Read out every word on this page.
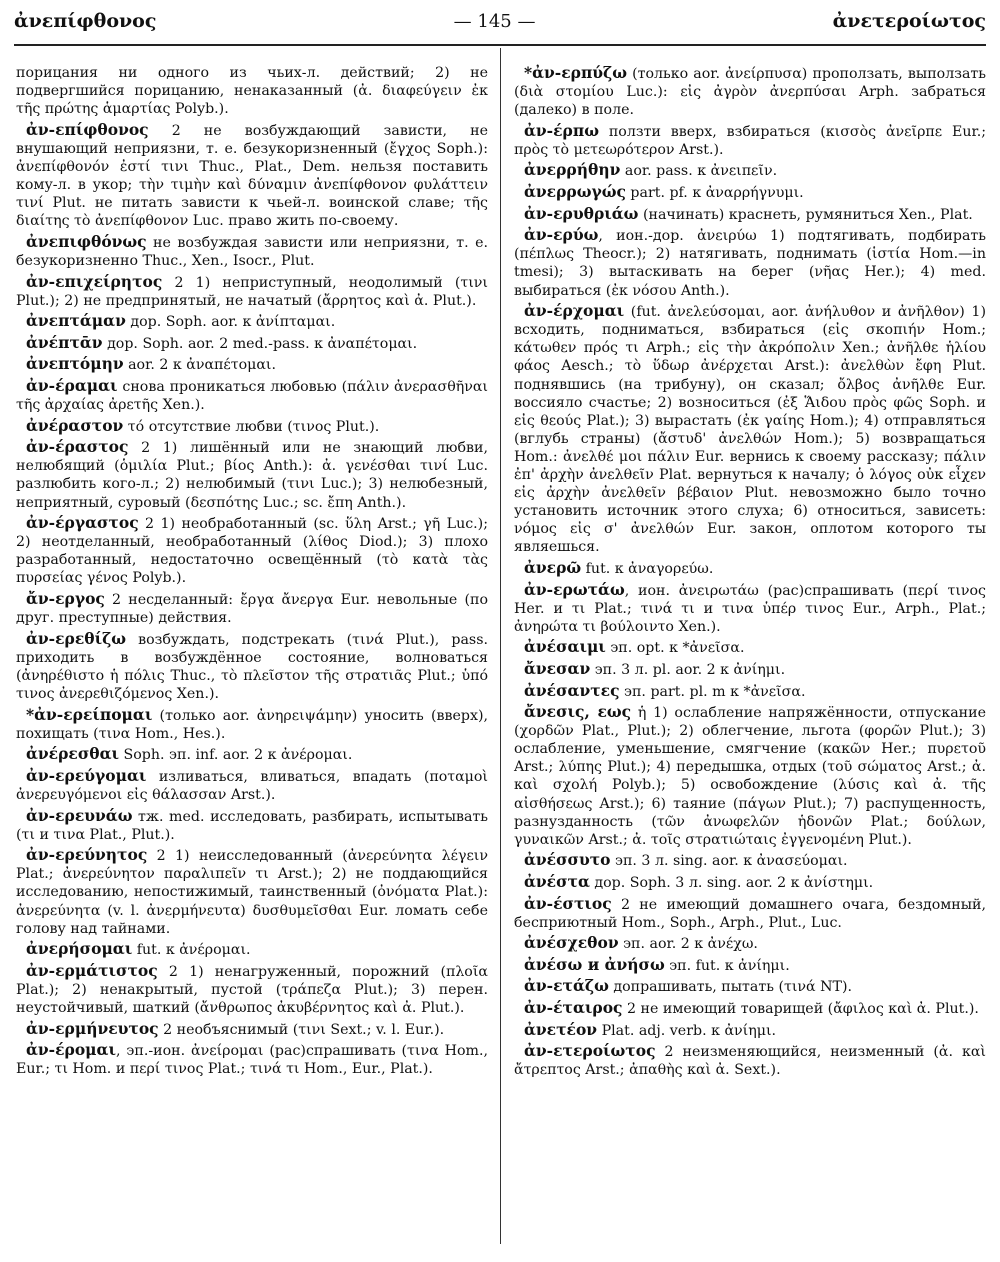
ἀνεπίφθονος	— 145 —	ἀνετεροίωτος

порицания ни одного из чьих-л. действий; 2) не подвергшийся порицанию, ненаказанный (ἀ. διαφεύγειν ἐκ τῆς πρώτης ἁμαρτίας Polyb.).

ἀν-επίφθονος 2 не возбуждающий зависти, не внушающий неприязни, т. е. безукоризненный (ἔγχος Soph.): ἀνεπίφθονόν ἐστί τινι Thuc., Plat., Dem. нельзя поставить кому-л. в укор; τὴν τιμὴν καὶ δύναμιν ἀνεπίφθονον φυλάττειν τινί Plut. не питать зависти к чьей-л. воинской славе; τῆς διαίτης τὸ ἀνεπίφθονον Luc. право жить по-своему.

ἀνεπιφθόνως не возбуждая зависти или неприязни, т. е. безукоризненно Thuc., Xen., Isocr., Plut.

ἀν-επιχείρητος 2 1) неприступный, неодолимый (τινι Plut.); 2) не предпринятый, не начатый (ἄρρητος καὶ ἀ. Plut.).

ἀνεπτάμαν дор. Soph. aor. к ἀνίπταμαι.

ἀνέπτᾱν дор. Soph. aor. 2 med.-pass. к ἀναπέτομαι.

ἀνεπτόμην aor. 2 к ἀναπέτομαι.

ἀν-έραμαι снова проникаться любовью (πάλιν ἀνερασθῆναι τῆς ἀρχαίας ἀρετῆς Xen.).

ἀνέραστον τό отсутствие любви (τινος Plut.).

ἀν-έραστος 2 1) лишённый или не знающий любви, нелюбящий (ὁμιλία Plut.; βίος Anth.): ἀ. γενέσθαι τινί Luc. разлюбить кого-л.; 2) нелюбимый (τινι Luc.); 3) нелюбезный, неприятный, суровый (δεσπότης Luc.; sc. ἔπη Anth.).

ἀν-έργαστος 2 1) необработанный (sc. ὕλη Arst.; γῆ Luc.); 2) неотделанный, необработанный (λίθος Diod.); 3) плохо разработанный, недостаточно освещённый (τὸ κατὰ τὰς πυρσείας γένος Polyb.).

ἄν-εργος 2 несделанный: ἔργα ἄνεργα Eur. невольные (по друг. преступные) действия.

ἀν-ερεθίζω возбуждать, подстрекать (τινά Plut.), pass. приходить в возбуждённое состояние, волноваться (ἀνηρέθιστο ἡ πόλις Thuc., τὸ πλεῖστον τῆς στρατιᾶς Plut.; ὑπό τινος ἀνερεθιζόμενος Xen.).

*ἀν-ερείπομαι (только aor. ἀνηρειψάμην) уносить (вверх), похищать (τινα Hom., Hes.).

ἀνέρεσθαι Soph. эп. inf. aor. 2 к ἀνέρομαι.

ἀν-ερεύγομαι изливаться, вливаться, впадать (ποταμοὶ ἀνερευγόμενοι εἰς θάλασσαν Arst.).

ἀν-ερευνάω тж. med. исследовать, разбирать, испытывать (τι и τινα Plat., Plut.).

ἀν-ερεύνητος 2 1) неисследованный (ἀνερεύνητα λέγειν Plat.; ἀνερεύνητον παραλιπεῖν τι Arst.); 2) не поддающийся исследованию, непостижимый, таинственный (ὀνόματα Plat.): ἀνερεύνητα (v. l. ἀνερμήνευτα) δυσθυμεῖσθαι Eur. ломать себе голову над тайнами.

ἀνερήσομαι fut. к ἀνέρομαι.

ἀν-ερμάτιστος 2 1) ненагруженный, порожний (πλοῖα Plat.); 2) ненакрытый, пустой (τράπεζα Plut.); 3) перен. неустойчивый, шаткий (ἄνθρωπος ἀκυβέρνητος καὶ ἀ. Plut.).

ἀν-ερμήνευτος 2 необъяснимый (τινι Sext.; v. l. Eur.).

ἀν-έρομαι, эп.-ион. ἀνείρομαι (рас)спрашивать (τινα Hom., Eur.; τι Hom. и περί τινος Plat.; τινά τι Hom., Eur., Plat.).

*ἀν-ερπύζω (только aor. ἀνείρπυσα) проползать, выползать (διὰ στομίου Luc.): εἰς ἀγρὸν ἀνερπύσαι Arph. забраться (далеко) в поле.

ἀν-έρπω ползти вверх, взбираться (κισσὸς ἀνεῖρπε Eur.; πρὸς τὸ μετεωρότερον Arst.).

ἀνερρήθην aor. pass. к ἀνειπεῖν.

ἀνερρωγώς part. pf. к ἀναρρήγνυμι.

ἀν-ερυθριάω (начинать) краснеть, румяниться Xen., Plat.

ἀν-ερύω, ион.-дор. ἀνειρύω 1) подтягивать, подбирать (πέπλως Theocr.); 2) натягивать, поднимать (ἱστία Hom.—in tmesi); 3) вытаскивать на берег (νῆας Her.); 4) med. выбираться (ἐκ νόσου Anth.).

ἀν-έρχομαι (fut. ἀνελεύσομαι, aor. ἀνήλυθον и ἀνῆλθον) 1) всходить, подниматься, взбираться (εἰς σκοπιήν Hom.; κάτωθεν πρός τι Arph.; εἰς τὴν ἀκρόπολιν Xen.; ἀνῆλθε ἡλίου φάος Aesch.; τὸ ὕδωρ ἀνέρχεται Arst.): ἀνελθὼν ἔφη Plut. поднявшись (на трибуну), он сказал; ὄλβος ἀνῆλθε Eur. воссияло счастье; 2) возноситься (ἐξ Ἅιδου πρὸς φῶς Soph. и εἰς θεούς Plat.); 3) вырастать (ἐκ γαίης Hom.); 4) отправляться (вглубь страны) (ἄστυδ' ἀνελθών Hom.); 5) возвращаться Hom.: ἀνελθέ μοι πάλιν Eur. вернись к своему рассказу; πάλιν ἐπ' ἀρχὴν ἀνελθεῖν Plat. вернуться к началу; ὁ λόγος οὐκ εἶχεν εἰς ἀρχὴν ἀνελθεῖν βέβαιον Plut. невозможно было точно установить источник этого слуха; 6) относиться, зависеть: νόμος εἰς σ' ἀνελθών Eur. закон, оплотом которого ты являешься.

ἀνερῶ fut. к ἀναγορεύω.

ἀν-ερωτάω, ион. ἀνειρωτάω (рас)спрашивать (περί τινος Her. и τι Plat.; τινά τι и τινα ὑπέρ τινος Eur., Arph., Plat.; ἀνηρώτα τι βούλοιντο Xen.).

ἀνέσαιμι эп. opt. к *ἀνεῖσα.

ἄνεσαν эп. 3 л. pl. aor. 2 к ἀνίημι.

ἀνέσαντες эп. part. pl. m к *ἀνεῖσα.

ἄνεσις, εως ἡ 1) ослабление напряжённости, отпускание (χορδῶν Plat., Plut.); 2) облегчение, льгота (φορῶν Plut.); 3) ослабление, уменьшение, смягчение (κακῶν Her.; πυρετοῦ Arst.; λύπης Plut.); 4) передышка, отдых (τοῦ σώματος Arst.; ἀ. καὶ σχολή Polyb.); 5) освобождение (λύσις καὶ ἀ. τῆς αἰσθήσεως Arst.); 6) таяние (πάγων Plut.); 7) распущенность, разнузданность (τῶν ἀνωφελῶν ἡδονῶν Plat.; δούλων, γυναικῶν Arst.; ἀ. τοῖς στρατιώταις ἐγγενομένη Plut.).

ἀνέσσυτο эп. 3 л. sing. aor. к ἀνασεύομαι.

ἀνέστα дор. Soph. 3 л. sing. aor. 2 к ἀνίστημι.

ἀν-έστιος 2 не имеющий домашнего очага, бездомный, бесприютный Hom., Soph., Arph., Plut., Luc.

ἀνέσχεθον эп. aor. 2 к ἀνέχω.

ἀνέσω и ἀνήσω эп. fut. к ἀνίημι.

ἀν-ετάζω допрашивать, пытать (τινά NT).

ἀν-έταιρος 2 не имеющий товарищей (ἄφιλος καὶ ἀ. Plut.).

ἀνετέον Plat. adj. verb. к ἀνίημι.

ἀν-ετεροίωτος 2 неизменяющийся, неизменный (ἀ. καὶ ἄτρεπτος Arst.; ἀπαθὴς καὶ ἀ. Sext.).
